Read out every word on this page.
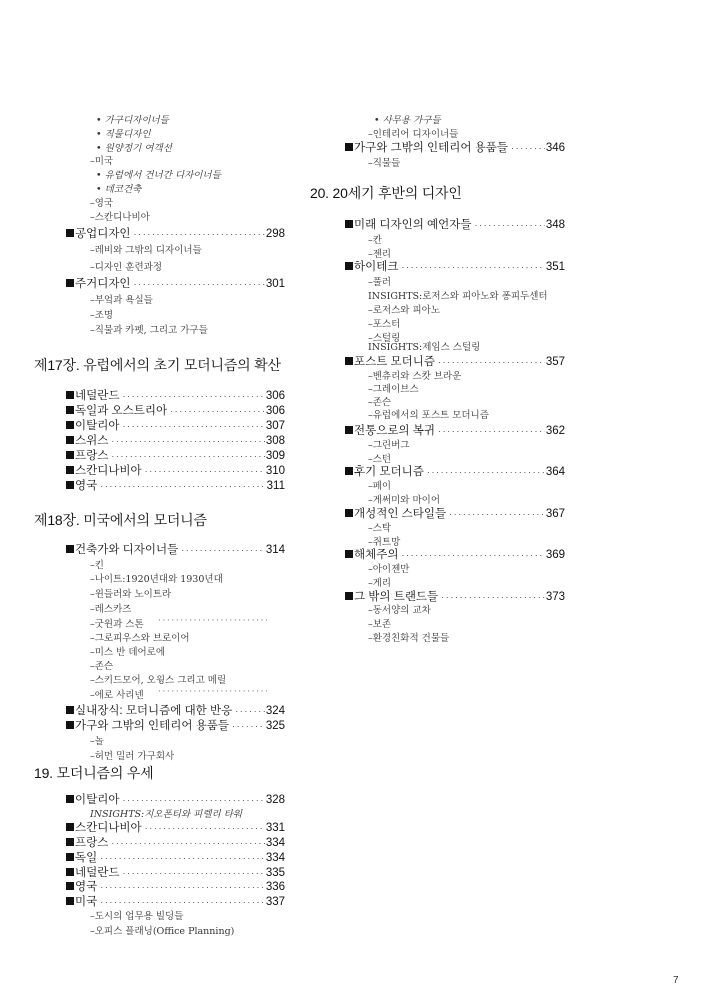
• 가구디자이너들
• 직물디자인
• 원양정기 여객선
–미국
• 유럽에서 건너간 디자이너들
• 데코건축
–영국
–스칸디나비아
공업디자인 ·····	298
–레비와 그밖의 디자이너들
–디자인 훈련과정
주거디자인 ·····	301
–부엌과 욕실들
–조명
–직물과 카펫, 그리고 가구들
제17장. 유럽에서의 초기 모더니즘의 확산
네덜란드 ·····	306
독일과 오스트리아 ·····	306
이탈리아 ·····	307
스위스 ·····	308
프랑스 ·····	309
스칸디나비아 ·····	310
영국 ·····	311
제18장. 미국에서의 모더니즘
건축가와 디자이너들 ·····	314
–킨
–나이트:1920년대와 1930년대
–윈들러와 노이트라
–레스카즈
–굿윈과 스톤 ·························
–그로피우스와 브로이어
–미스 반 데어로에
–존슨
–스키드모어, 오윙스 그리고 메릴
–에로 사리넨 ·························
실내장식: 모더니즘에 대한 반응 ·····	324
가구와 그밖의 인테리어 용품들 ·····	325
–놀
–허먼 밀러 가구회사
19. 모더니즘의 우세
이탈리아 ·····	328
INSIGHTS:지오폰티와 피렐리 타워
스칸디나비아 ·····	331
프랑스 ·····	334
독일 ·····	334
네덜란드 ·····	335
영국 ·····	336
미국 ·····	337
–도시의 업무용 빌딩들
–오피스 플래닝(Office Planning)
• 사무용 가구들
–인테리어 디자이너들
가구와 그밖의 인테리어 용품들 ·····	346
–직물들
20. 20세기 후반의 디자인
미래 디자인의 예언자들 ·····	348
–칸
–젠리
하이테크 ·····	351
–풀러
INSIGHTS:로저스와 피아노와 퐁피두센터
–로저스와 피아노
–포스터
–스털링
INSIGHTS:제임스 스털링
포스트 모더니즘 ·····	357
–벤츄리와 스캇 브라운
–그레이브스
–존슨
–유럽에서의 포스트 모더니즘
전통으로의 복귀 ·····	362
–그린버그
–스턴
후기 모더니즘 ·····	364
–페이
–게써미와 마이어
개성적인 스타일들 ·····	367
–스탁
–쥐트망
해체주의 ·····	369
–아이젠만
–게리
그 밖의 트랜드들 ·····	373
–동서양의 교차
–보존
–환경친화적 건물들
7
